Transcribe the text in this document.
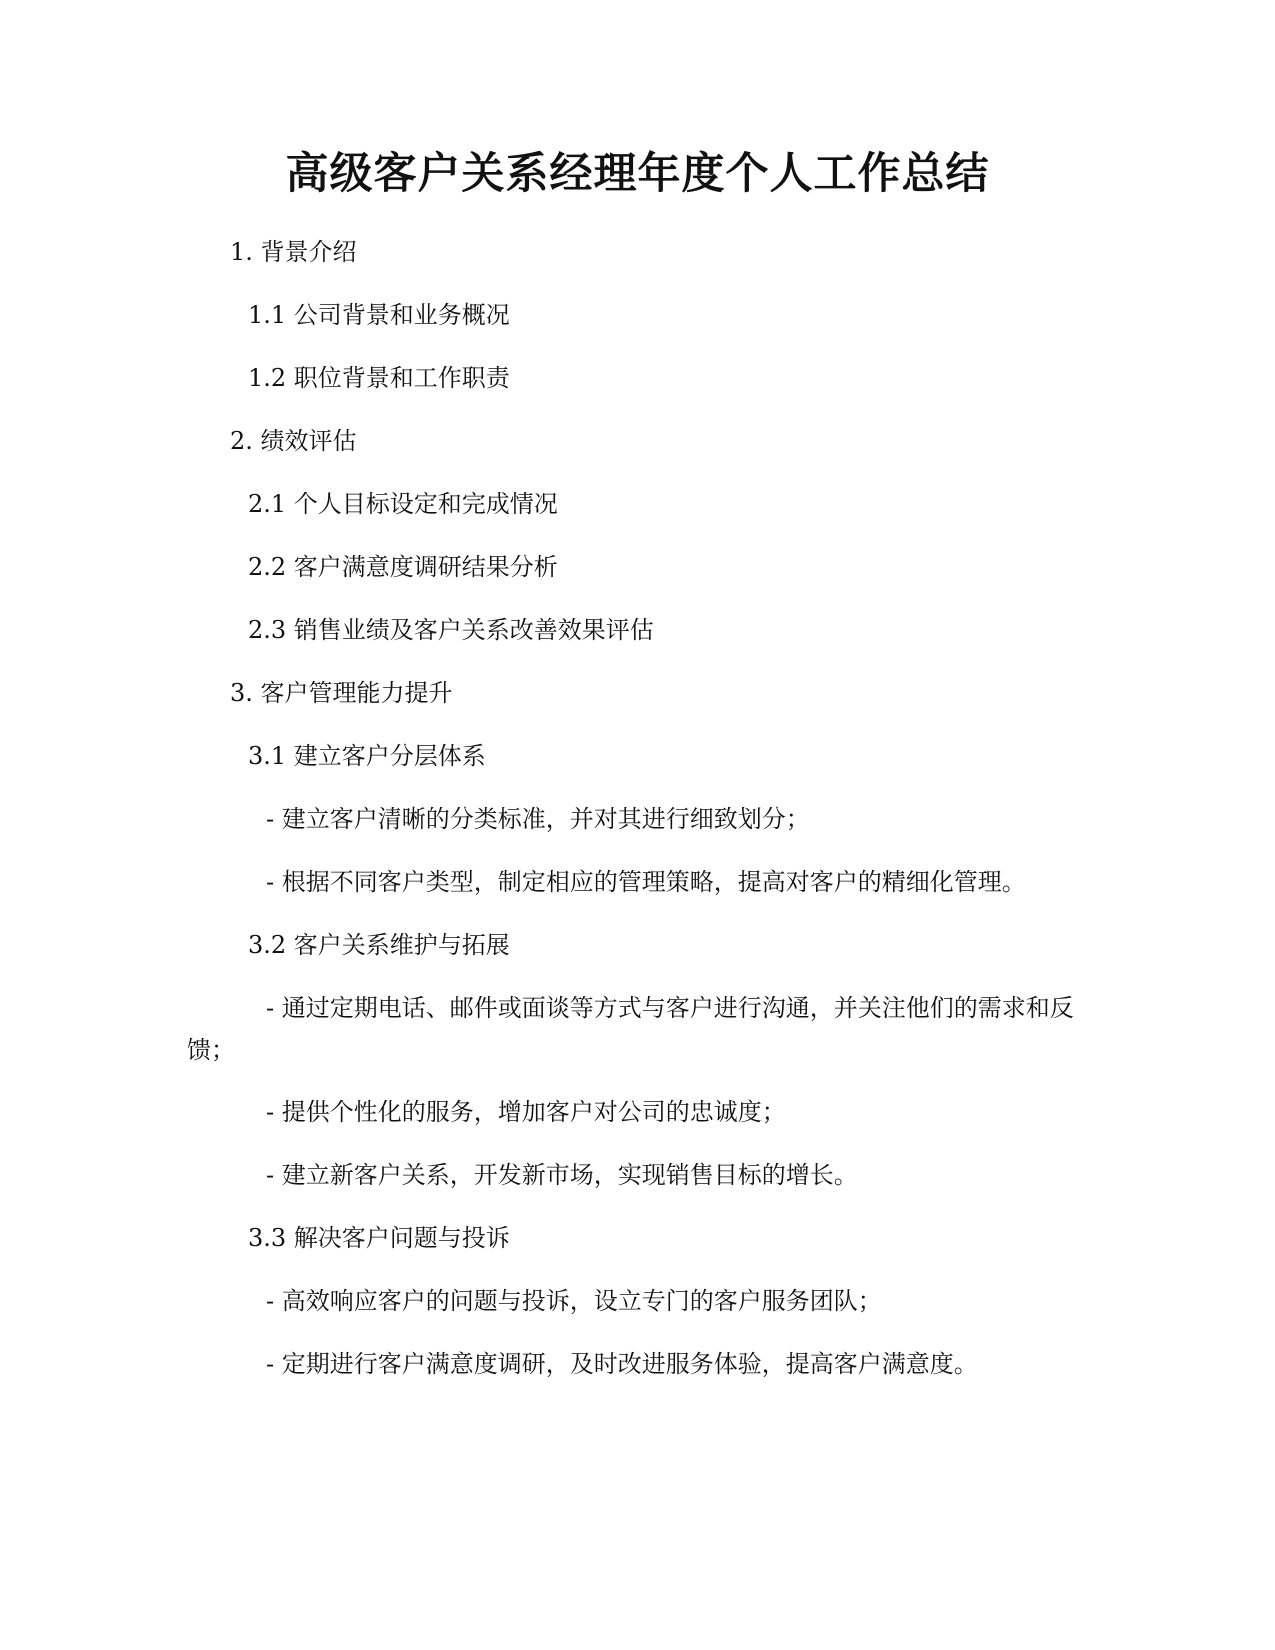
高级客户关系经理年度个人工作总结

1. 背景介绍

1.1 公司背景和业务概况

1.2 职位背景和工作职责

2. 绩效评估

2.1 个人目标设定和完成情况

2.2 客户满意度调研结果分析

2.3 销售业绩及客户关系改善效果评估

3. 客户管理能力提升

3.1 建立客户分层体系

- 建立客户清晰的分类标准，并对其进行细致划分；

- 根据不同客户类型，制定相应的管理策略，提高对客户的精细化管理。

3.2 客户关系维护与拓展

- 通过定期电话、邮件或面谈等方式与客户进行沟通，并关注他们的需求和反馈；

- 提供个性化的服务，增加客户对公司的忠诚度；

- 建立新客户关系，开发新市场，实现销售目标的增长。

3.3 解决客户问题与投诉

- 高效响应客户的问题与投诉，设立专门的客户服务团队；

- 定期进行客户满意度调研，及时改进服务体验，提高客户满意度。
